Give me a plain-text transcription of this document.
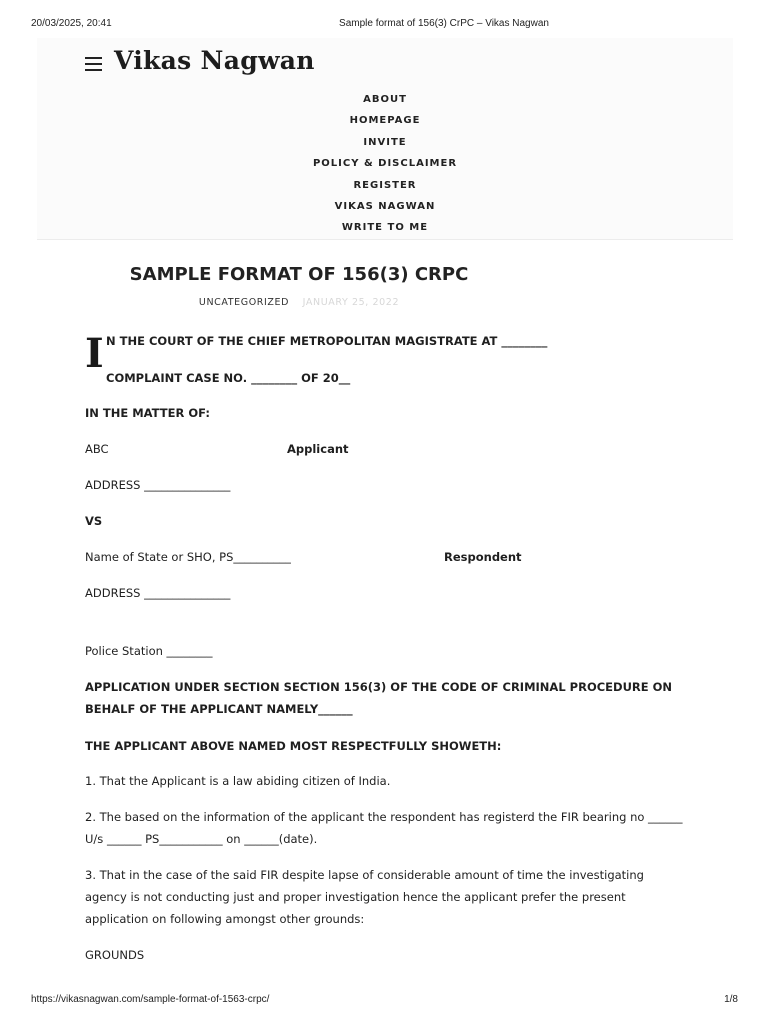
20/03/2025, 20:41	Sample format of 156(3) CrPC – Vikas Nagwan
Vikas Nagwan
ABOUT
HOMEPAGE
INVITE
POLICY & DISCLAIMER
REGISTER
VIKAS NAGWAN
WRITE TO ME
SAMPLE FORMAT OF 156(3) CRPC
UNCATEGORIZED JANUARY 25, 2022
I N THE COURT OF THE CHIEF METROPOLITAN MAGISTRATE AT ________
COMPLAINT CASE NO. ________ OF 20__
IN THE MATTER OF:
ABC	Applicant
ADDRESS _______________
VS
Name of State or SHO, PS__________	Respondent
ADDRESS _______________
Police Station ________
APPLICATION UNDER SECTION SECTION 156(3) OF THE CODE OF CRIMINAL PROCEDURE ON BEHALF OF THE APPLICANT NAMELY______
THE APPLICANT ABOVE NAMED MOST RESPECTFULLY SHOWETH:
1. That the Applicant is a law abiding citizen of India.
2. The based on the information of the applicant the respondent has registerd the FIR bearing no ______ U/s ______ PS___________ on ______(date).
3. That in the case of the said FIR despite lapse of considerable amount of time the investigating agency is not conducting just and proper investigation hence the applicant prefer the present application on following amongst other grounds:
GROUNDS
https://vikasnagwan.com/sample-format-of-1563-crpc/	1/8
